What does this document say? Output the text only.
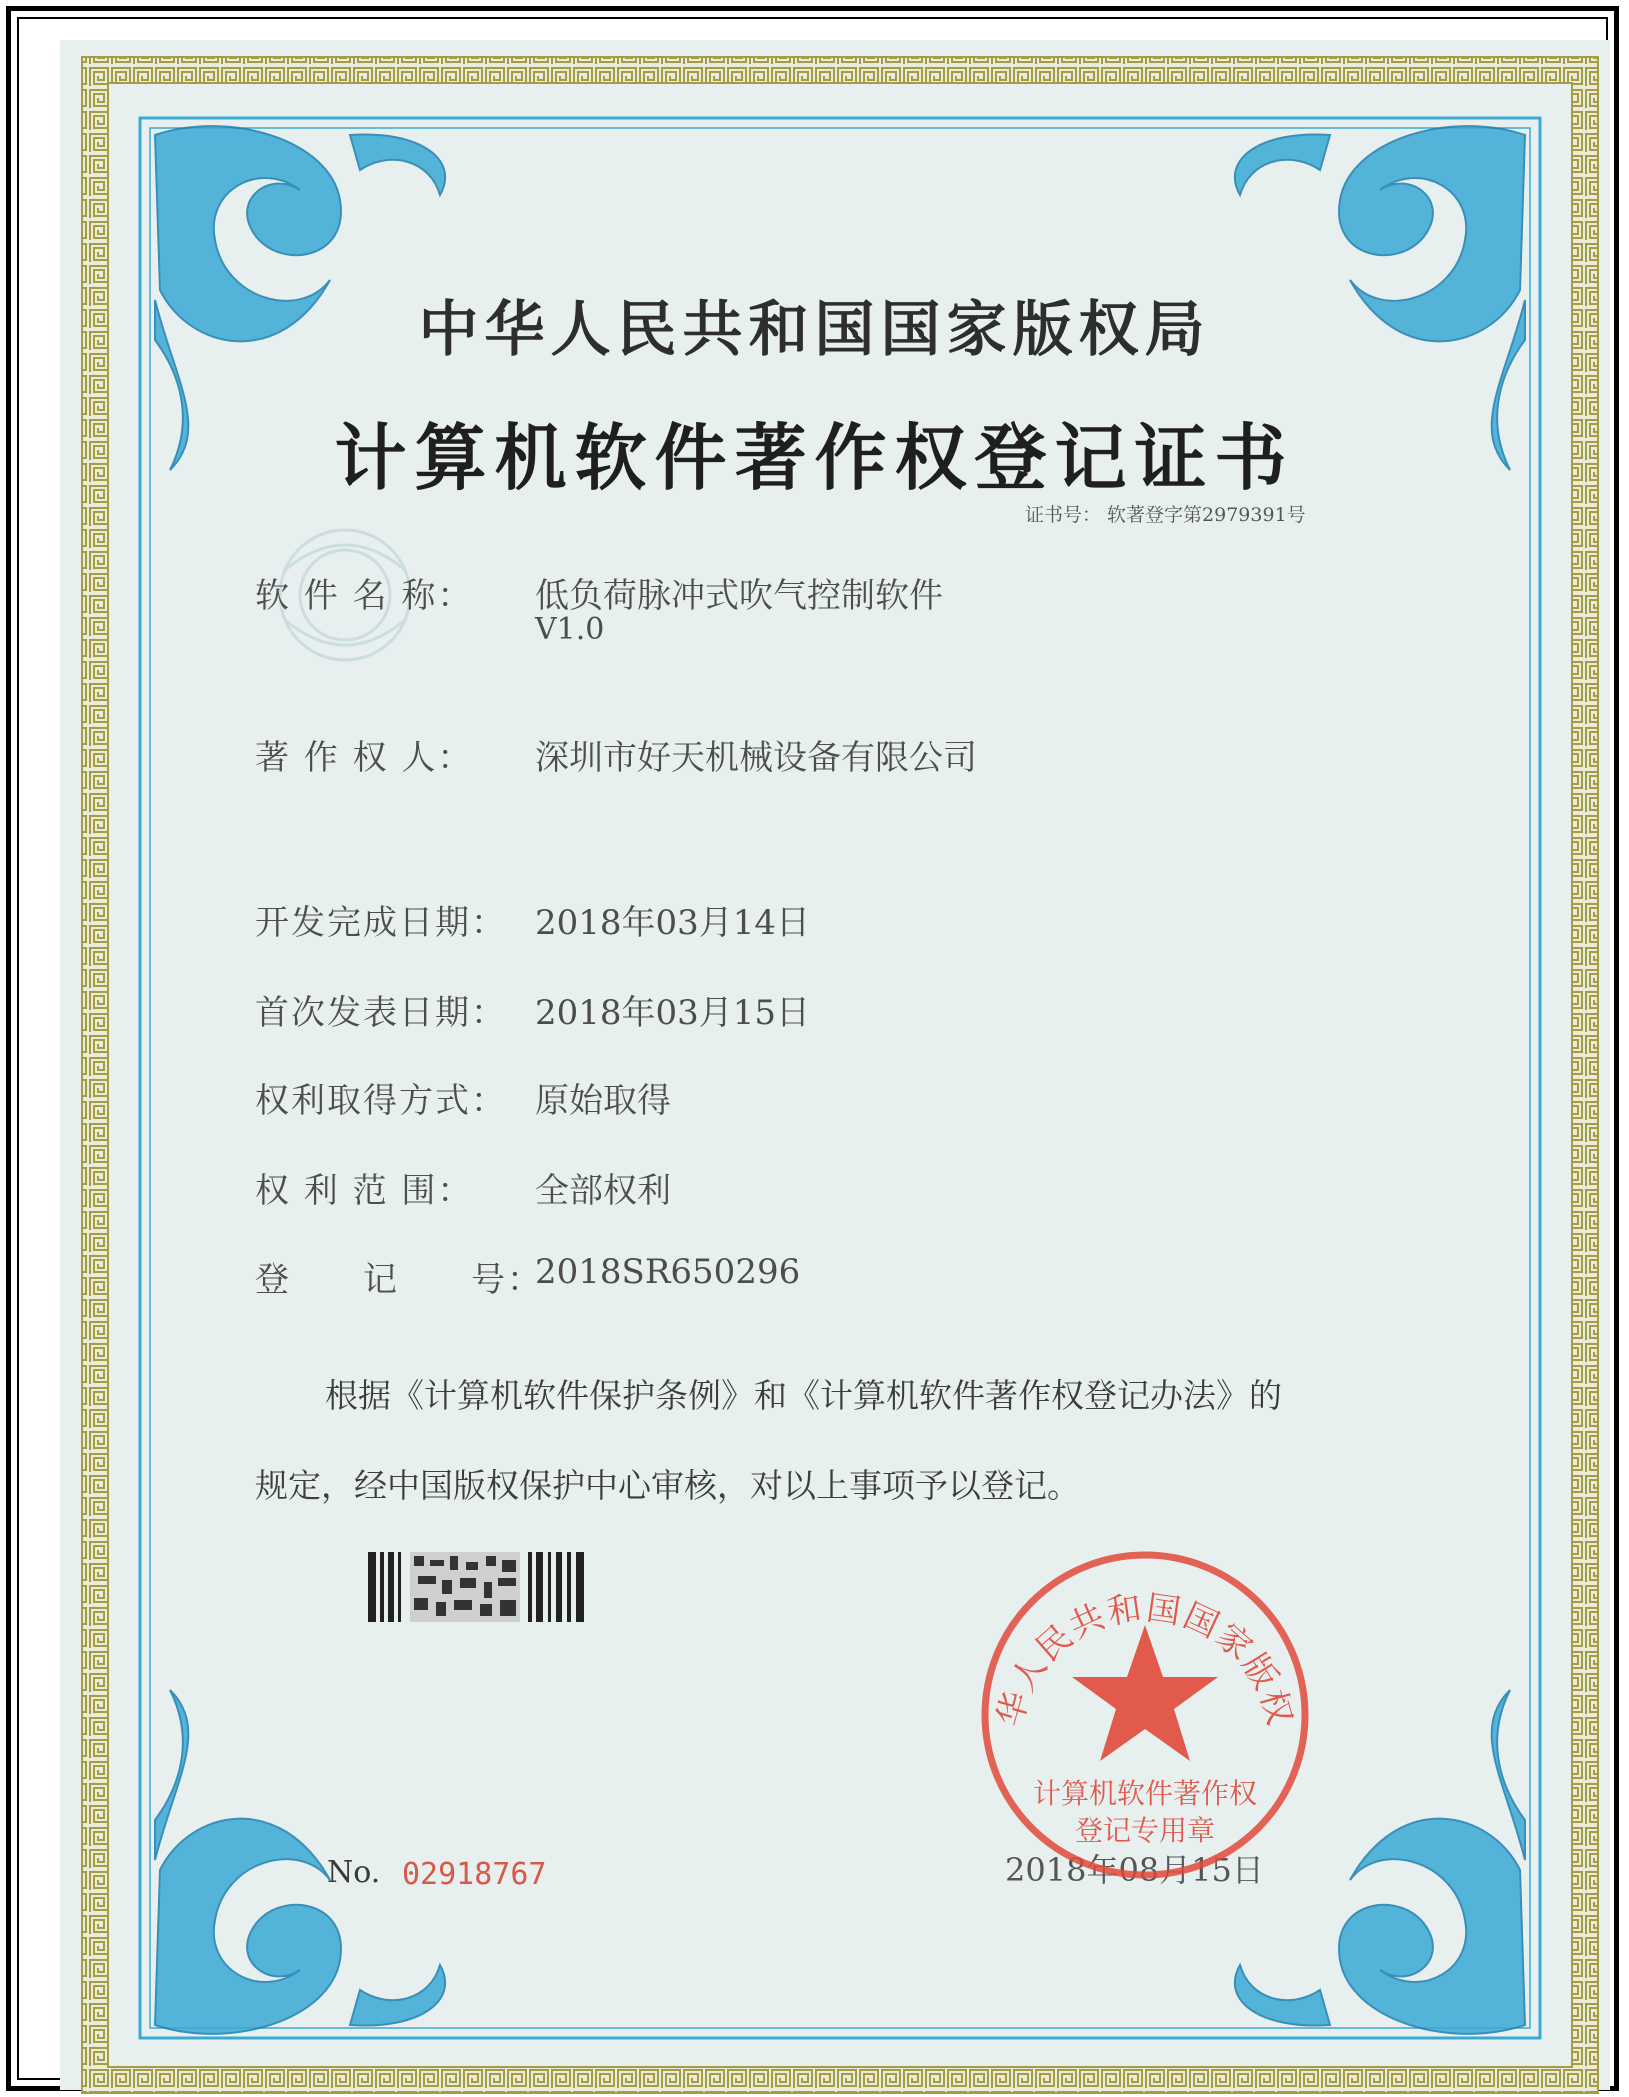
中华人民共和国国家版权局
计算机软件著作权登记证书
证书号： 软著登字第2979391号
软 件 名 称： 低负荷脉冲式吹气控制软件
V1.0
著 作 权 人： 深圳市好天机械设备有限公司
开发完成日期： 2018年03月14日
首次发表日期： 2018年03月15日
权利取得方式： 原始取得
权 利 范 围： 全部权利
登　　记　　号：
2018SR650296
根据《计算机软件保护条例》和《计算机软件著作权登记办法》的
规定，经中国版权保护中心审核，对以上事项予以登记。
No. 02918767	2018年08月15日
华人民共和国国家版权
计算机软件著作权
登记专用章
